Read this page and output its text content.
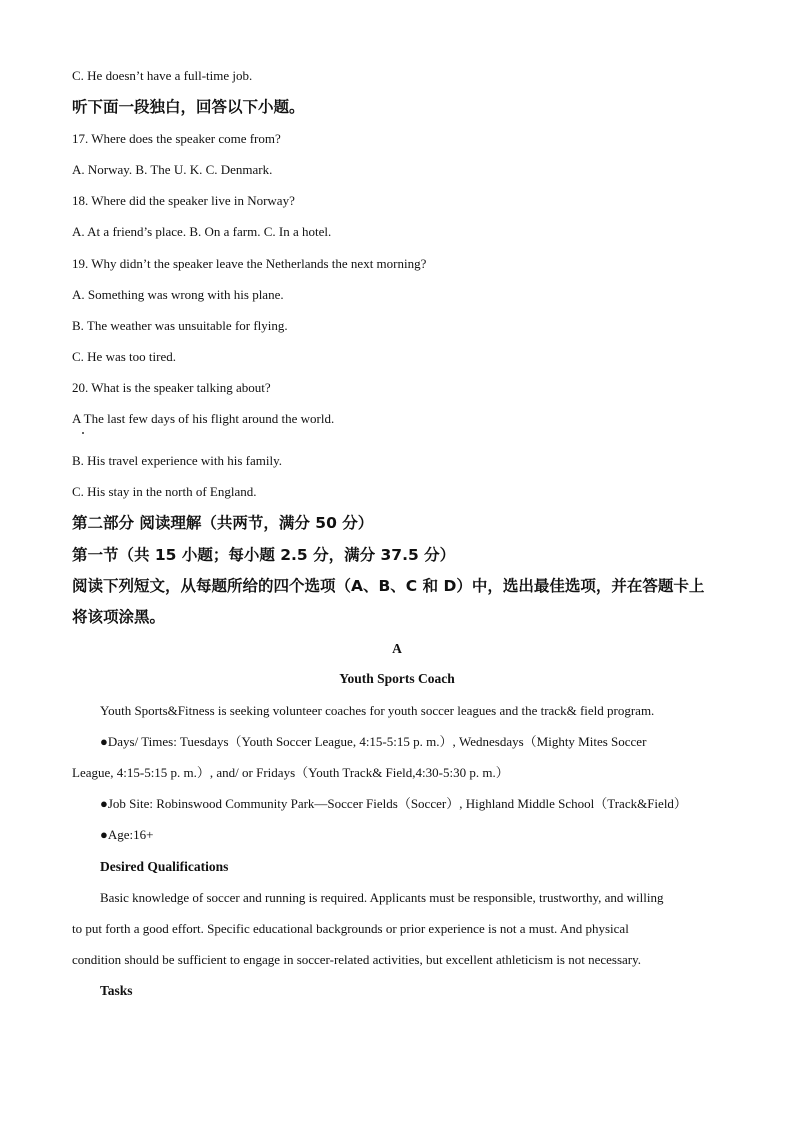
C. He doesn’t have a full-time job.
听下面一段独白，回答以下小题。
17. Where does the speaker come from?
A. Norway. B. The U. K. C. Denmark.
18. Where did the speaker live in Norway?
A. At a friend’s place. B. On a farm. C. In a hotel.
19. Why didn’t the speaker leave the Netherlands the next morning?
A. Something was wrong with his plane.
B. The weather was unsuitable for flying.
C. He was too tired.
20. What is the speaker talking about?
A The last few days of his flight around the world.
B. His travel experience with his family.
C. His stay in the north of England.
第二部分 阅读理解（共两节，满分 50 分）
第一节（共 15 小题；每小题 2.5 分，满分 37.5 分）
阅读下列短文，从每题所给的四个选项（A、B、C 和 D）中，选出最佳选项，并在答题卡上
将该项涂黑。
A
Youth Sports Coach
Youth Sports&Fitness is seeking volunteer coaches for youth soccer leagues and the track& field program.
●Days/ Times: Tuesdays（Youth Soccer League, 4:15-5:15 p. m.）, Wednesdays（Mighty Mites Soccer
League, 4:15-5:15 p. m.）, and/ or Fridays（Youth Track& Field,4:30-5:30 p. m.）
●Job Site: Robinswood Community Park—Soccer Fields（Soccer）, Highland Middle School（Track&Field）
●Age:16+
Desired Qualifications
Basic knowledge of soccer and running is required. Applicants must be responsible, trustworthy, and willing
to put forth a good effort. Specific educational backgrounds or prior experience is not a must. And physical
condition should be sufficient to engage in soccer-related activities, but excellent athleticism is not necessary.
Tasks
